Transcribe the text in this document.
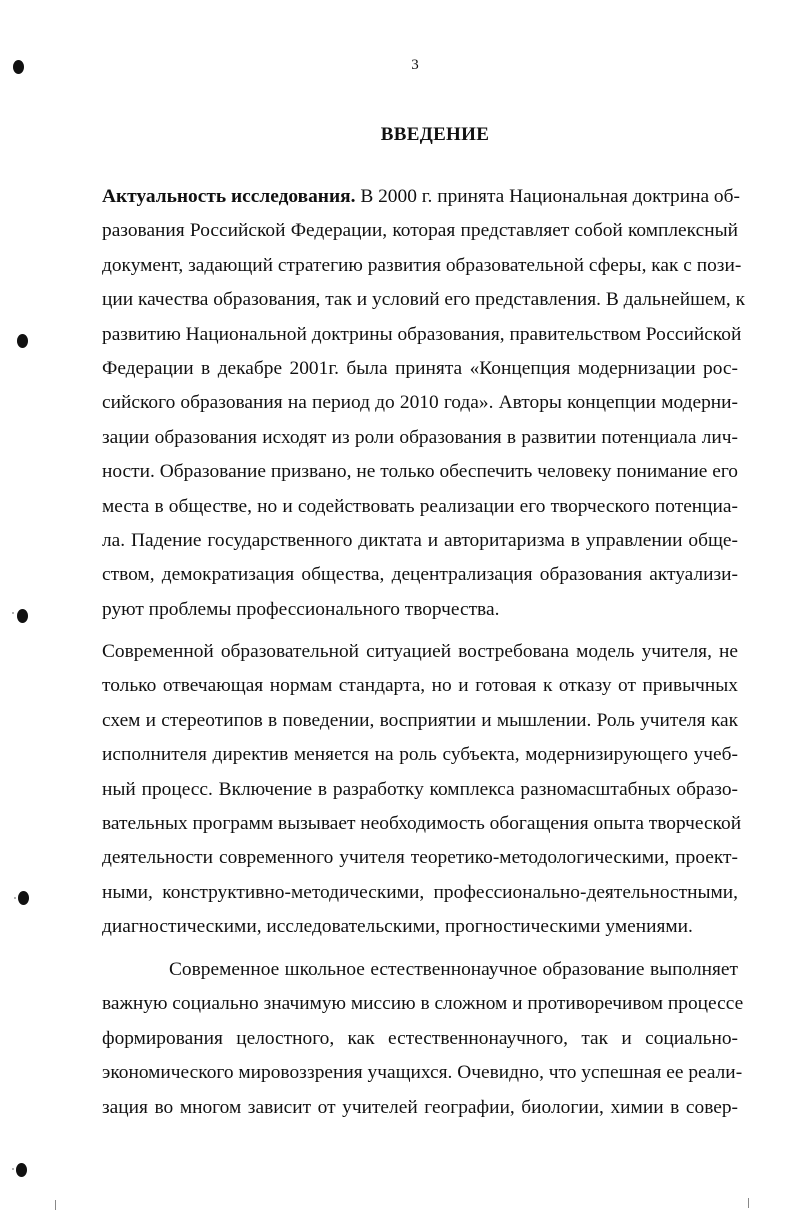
3
ВВЕДЕНИЕ
Актуальность исследования. В 2000 г. принята Национальная доктрина об-
разования Российской Федерации, которая представляет собой комплексный
документ, задающий стратегию развития образовательной сферы, как с пози-
ции качества образования, так и условий его представления. В дальнейшем, к
развитию Национальной доктрины образования, правительством Российской
Федерации в декабре 2001г. была принята «Концепция модернизации рос-
сийского образования на период до 2010 года». Авторы концепции модерни-
зации образования исходят из роли образования в развитии потенциала лич-
ности. Образование призвано, не только обеспечить человеку понимание его
места в обществе, но и содействовать реализации его творческого потенциа-
ла. Падение государственного диктата и авторитаризма в управлении обще-
ством, демократизация общества, децентрализация образования актуализи-
руют проблемы профессионального творчества.
Современной образовательной ситуацией востребована модель учителя, не
только отвечающая нормам стандарта, но и готовая к отказу от привычных
схем и стереотипов в поведении, восприятии и мышлении. Роль учителя как
исполнителя директив меняется на роль субъекта, модернизирующего учеб-
ный процесс. Включение в разработку комплекса разномасштабных образо-
вательных программ вызывает необходимость обогащения опыта творческой
деятельности современного учителя теоретико-методологическими, проект-
ными, конструктивно-методическими, профессионально-деятельностными,
диагностическими, исследовательскими, прогностическими умениями.
Современное школьное естественнонаучное образование выполняет
важную социально значимую миссию в сложном и противоречивом процессе
формирования целостного, как естественнонаучного, так и социально-
экономического мировоззрения учащихся. Очевидно, что успешная ее реали-
зация во многом зависит от учителей географии, биологии, химии в совер-
